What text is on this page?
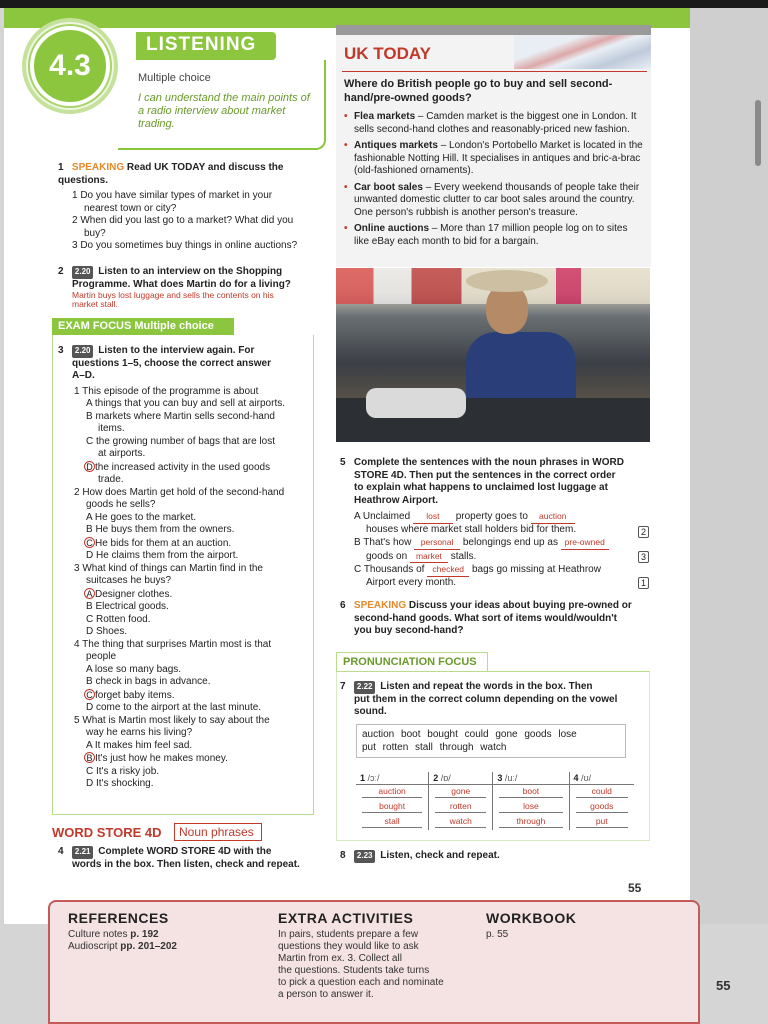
4.3
LISTENING
Multiple choice
I can understand the main points of a radio interview about market trading.
1 SPEAKING Read UK TODAY and discuss the questions.
1 Do you have similar types of market in your
nearest town or city?
2 When did you last go to a market? What did you
buy?
3 Do you sometimes buy things in online auctions?
2 2.20 Listen to an interview on the Shopping
Programme. What does Martin do for a living?
Martin buys lost luggage and sells the contents on his
market stall.
EXAM FOCUS Multiple choice
3 2.20 Listen to the interview again. For
questions 1–5, choose the correct answer
A–D.
1 This episode of the programme is about
A things that you can buy and sell at airports.
B markets where Martin sells second-hand
items.
C the growing number of bags that are lost
at airports.
D the increased activity in the used goods
trade.
2 How does Martin get hold of the second-hand
goods he sells?
A He goes to the market.
B He buys them from the owners.
C He bids for them at an auction.
D He claims them from the airport.
3 What kind of things can Martin find in the
suitcases he buys?
A Designer clothes.
B Electrical goods.
C Rotten food.
D Shoes.
4 The thing that surprises Martin most is that
people
A lose so many bags.
B check in bags in advance.
C forget baby items.
D come to the airport at the last minute.
5 What is Martin most likely to say about the
way he earns his living?
A It makes him feel sad.
B It's just how he makes money.
C It's a risky job.
D It's shocking.
WORD STORE 4D	Noun phrases
4 2.21 Complete WORD STORE 4D with the
words in the box. Then listen, check and repeat.
UK TODAY
Where do British people go to buy and sell second-hand/pre-owned goods?
• Flea markets – Camden market is the biggest one in London. It sells second-hand clothes and reasonably-priced new fashion.
• Antiques markets – London's Portobello Market is located in the fashionable Notting Hill. It specialises in antiques and bric-a-brac (old-fashioned ornaments).
• Car boot sales – Every weekend thousands of people take their unwanted domestic clutter to car boot sales around the country. One person's rubbish is another person's treasure.
• Online auctions – More than 17 million people log on to sites like eBay each month to bid for a bargain.
5 Complete the sentences with the noun phrases in WORD
STORE 4D. Then put the sentences in the correct order
to explain what happens to unclaimed lost luggage at
Heathrow Airport.
A Unclaimed lost property goes to auction
houses where market stall holders bid for them.
B That's how personal belongings end up as pre-owned
goods on market stalls.
C Thousands of checked bags go missing at Heathrow
Airport every month.
2
3
1
6 SPEAKING Discuss your ideas about buying pre-owned or
second-hand goods. What sort of items would/wouldn't
you buy second-hand?
PRONUNCIATION FOCUS
7 2.22 Listen and repeat the words in the box. Then
put them in the correct column depending on the vowel
sound.
auction boot bought could gone goods lose
put rotten stall through watch
1 /ɔː/	2 /ɒ/	3 /uː/	4 /ʊ/

auction	gone	boot	could

bought	rotten	lose	goods

stall	watch	through	put
8 2.23 Listen, check and repeat.
55
REFERENCES
Culture notes p. 192
Audioscript pp. 201–202
EXTRA ACTIVITIES
In pairs, students prepare a few
questions they would like to ask
Martin from ex. 3. Collect all
the questions. Students take turns
to pick a question each and nominate
a person to answer it.
WORKBOOK
p. 55
55
